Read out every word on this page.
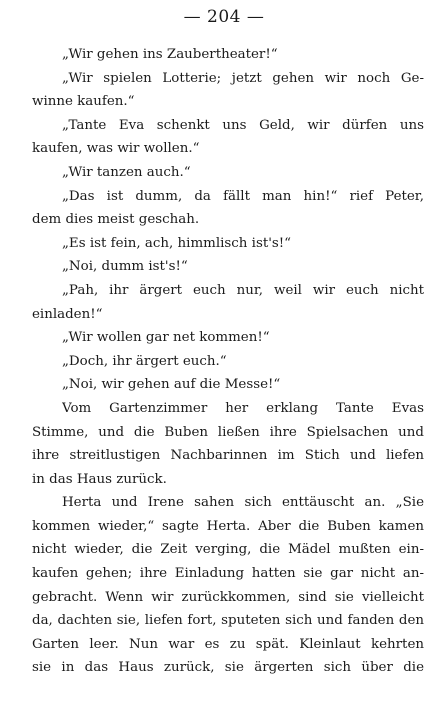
— 204 —
„Wir gehen ins Zaubertheater!“
„Wir spielen Lotterie; jetzt gehen wir noch Ge-
winne kaufen.“
„Tante Eva schenkt uns Geld, wir dürfen uns
kaufen, was wir wollen.“
„Wir tanzen auch.“
„Das ist dumm, da fällt man hin!“ rief Peter,
dem dies meist geschah.
„Es ist fein, ach, himmlisch ist's!“
„Noi, dumm ist's!“
„Pah, ihr ärgert euch nur, weil wir euch nicht
einladen!“
„Wir wollen gar net kommen!“
„Doch, ihr ärgert euch.“
„Noi, wir gehen auf die Messe!“
Vom Gartenzimmer her erklang Tante Evas
Stimme, und die Buben ließen ihre Spielsachen und
ihre streitlustigen Nachbarinnen im Stich und liefen
in das Haus zurück.
Herta und Irene sahen sich enttäuscht an. „Sie
kommen wieder,“ sagte Herta. Aber die Buben kamen
nicht wieder, die Zeit verging, die Mädel mußten ein-
kaufen gehen; ihre Einladung hatten sie gar nicht an-
gebracht. Wenn wir zurückkommen, sind sie vielleicht
da, dachten sie, liefen fort, sputeten sich und fanden den
Garten leer. Nun war es zu spät. Kleinlaut kehrten
sie in das Haus zurück, sie ärgerten sich über die
